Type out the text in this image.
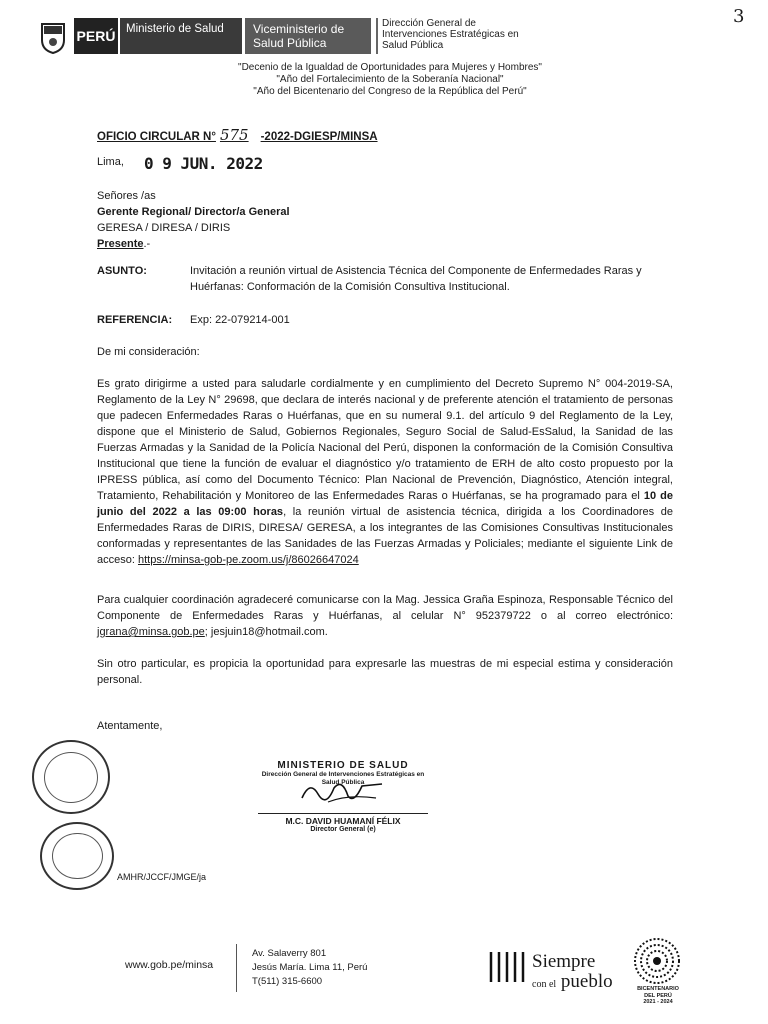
PERÚ Ministerio de Salud	Viceministerio de Salud Pública
Dirección General de Intervenciones Estratégicas en Salud Pública
3
"Decenio de la Igualdad de Oportunidades para Mujeres y Hombres"
"Año del Fortalecimiento de la Soberanía Nacional"
"Año del Bicentenario del Congreso de la República del Perú"
OFICIO CIRCULAR N° 575 -2022-DGIESP/MINSA
Lima, 0 9 JUN. 2022
Señores /as
Gerente Regional/ Director/a General
GERESA / DIRESA / DIRIS
Presente.-
ASUNTO:	Invitación a reunión virtual de Asistencia Técnica del Componente de Enfermedades Raras y Huérfanas: Conformación de la Comisión Consultiva Institucional.
REFERENCIA: Exp: 22-079214-001
De mi consideración:
Es grato dirigirme a usted para saludarle cordialmente y en cumplimiento del Decreto Supremo N° 004-2019-SA, Reglamento de la Ley N° 29698, que declara de interés nacional y de preferente atención el tratamiento de personas que padecen Enfermedades Raras o Huérfanas, que en su numeral 9.1. del artículo 9 del Reglamento de la Ley, dispone que el Ministerio de Salud, Gobiernos Regionales, Seguro Social de Salud-EsSalud, la Sanidad de las Fuerzas Armadas y la Sanidad de la Policía Nacional del Perú, disponen la conformación de la Comisión Consultiva Institucional que tiene la función de evaluar el diagnóstico y/o tratamiento de ERH de alto costo propuesto por la IPRESS pública, así como del Documento Técnico: Plan Nacional de Prevención, Diagnóstico, Atención integral, Tratamiento, Rehabilitación y Monitoreo de las Enfermedades Raras o Huérfanas, se ha programado para el 10 de junio del 2022 a las 09:00 horas, la reunión virtual de asistencia técnica, dirigida a los Coordinadores de Enfermedades Raras de DIRIS, DIRESA/ GERESA, a los integrantes de las Comisiones Consultivas Institucionales conformadas y representantes de las Sanidades de las Fuerzas Armadas y Policiales; mediante el siguiente Link de acceso: https://minsa-gob-pe.zoom.us/j/86026647024
Para cualquier coordinación agradeceré comunicarse con la Mag. Jessica Graña Espinoza, Responsable Técnico del Componente de Enfermedades Raras y Huérfanas, al celular N° 952379722 o al correo electrónico: jgrana@minsa.gob.pe; jesjuin18@hotmail.com.
Sin otro particular, es propicia la oportunidad para expresarle las muestras de mi especial estima y consideración personal.
Atentamente,
MINISTERIO DE SALUD
Dirección General de Intervenciones Estratégicas en Salud Pública
M.C. DAVID HUAMANÍ FÉLIX
Director General (e)
AMHR/JCCF/JMGE/ja
www.gob.pe/minsa
Av. Salaverry 801
Jesús María. Lima 11, Perú
T(511) 315-6600
Siempre
con el pueblo	BICENTENARIO
DEL PERÚ
2021 - 2024
